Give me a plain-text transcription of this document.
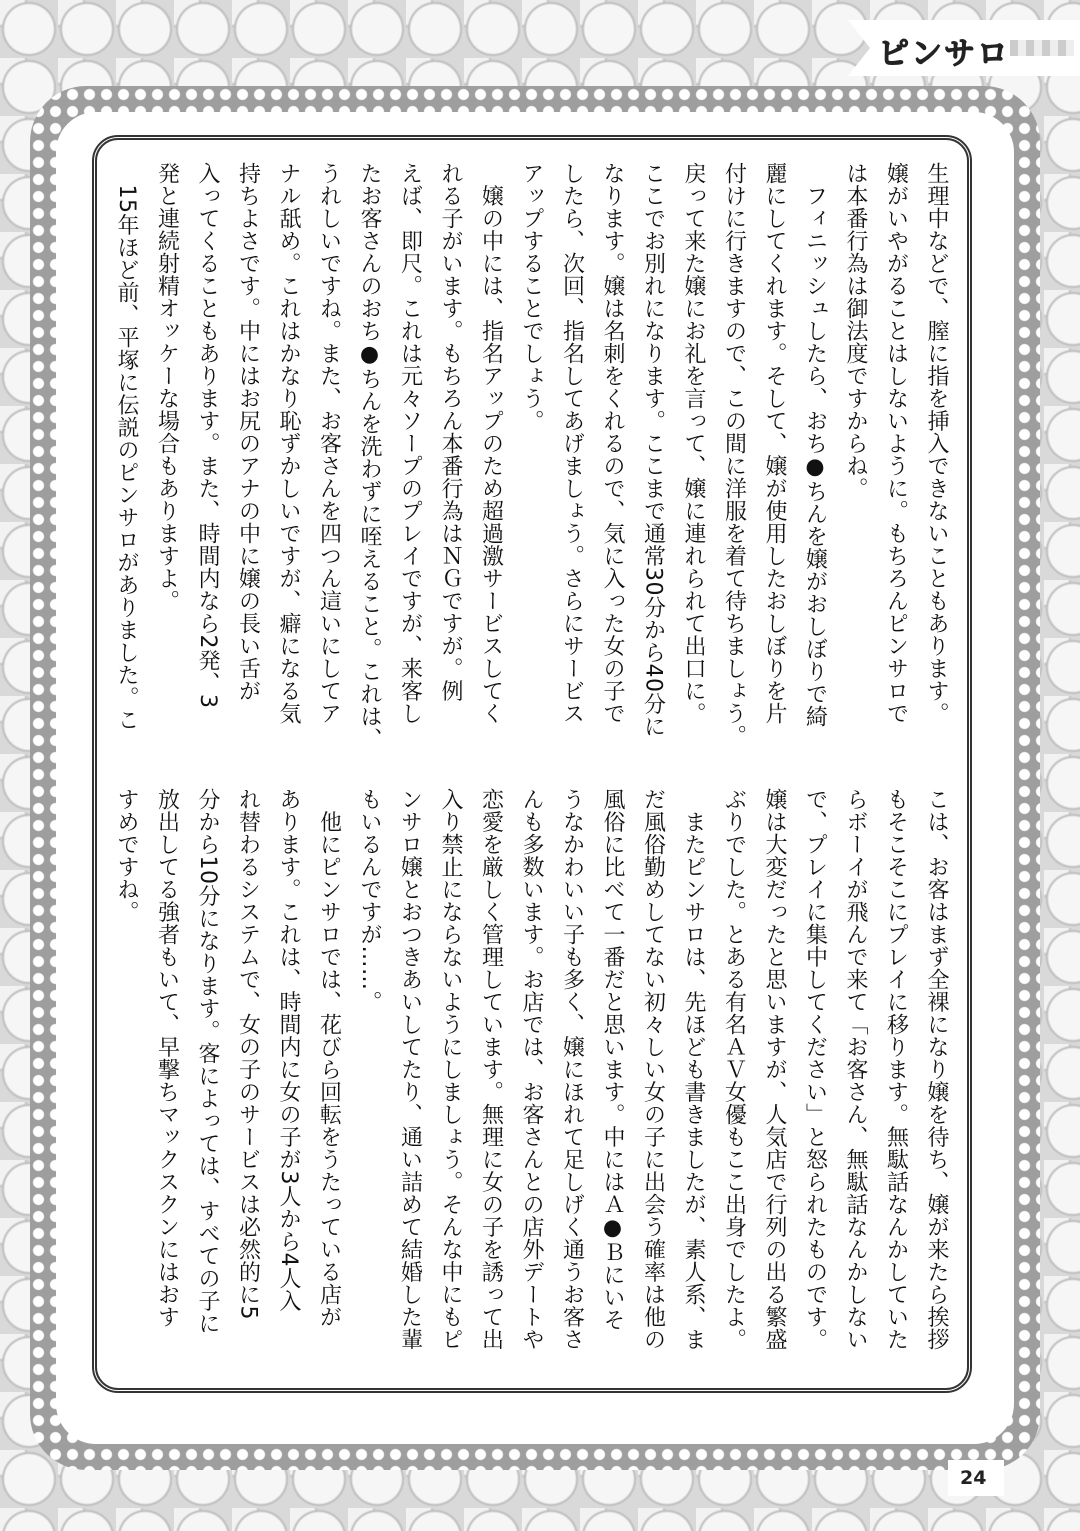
ピンサロ

生理中などで、膣に指を挿入できないこともあります。

嬢がいやがることはしないように。もちろんピンサロで

は本番行為は御法度ですからね。

　フィニッシュしたら、おち●ちんを嬢がおしぼりで綺

麗にしてくれます。そして、嬢が使用したおしぼりを片

付けに行きますので、この間に洋服を着て待ちましょう。

戻って来た嬢にお礼を言って、嬢に連れられて出口に。

ここでお別れになります。ここまで通常30分から40分に

なります。嬢は名刺をくれるので、気に入った女の子で

したら、次回、指名してあげましょう。さらにサービス

アップすることでしょう。

　嬢の中には、指名アップのため超過激サービスしてく

れる子がいます。もちろん本番行為はＮＧですが。例

えば、即尺。これは元々ソープのプレイですが、来客し

たお客さんのおち●ちんを洗わずに咥えること。これは、

うれしいですね。また、お客さんを四つん這いにしてア

ナル舐め。これはかなり恥ずかしいですが、癖になる気

持ちよさです。中にはお尻のアナの中に嬢の長い舌が

入ってくることもあります。また、時間内なら2発、3

発と連続射精オッケーな場合もありますよ。

　15年ほど前、平塚に伝説のピンサロがありました。こ

こは、お客はまず全裸になり嬢を待ち、嬢が来たら挨拶

もそこそこにプレイに移ります。無駄話なんかしていた

らボーイが飛んで来て「お客さん、無駄話なんかしない

で、プレイに集中してください」と怒られたものです。

嬢は大変だったと思いますが、人気店で行列の出る繁盛

ぶりでした。とある有名ＡＶ女優もここ出身でしたよ。

　またピンサロは、先ほども書きましたが、素人系、ま

だ風俗勤めしてない初々しい女の子に出会う確率は他の

風俗に比べて一番だと思います。中にはＡ●Ｂにいそ

うなかわいい子も多く、嬢にほれて足しげく通うお客さ

んも多数います。お店では、お客さんとの店外デートや

恋愛を厳しく管理しています。無理に女の子を誘って出

入り禁止にならないようにしましょう。そんな中にもピ

ンサロ嬢とおつきあいしてたり、通い詰めて結婚した輩

もいるんですが……。

　他にピンサロでは、花びら回転をうたっている店が

あります。これは、時間内に女の子が3人から4人入

れ替わるシステムで、女の子のサービスは必然的に5

分から10分になります。客によっては、すべての子に

放出してる強者もいて、早撃ちマックスクンにはおす

すめですね。

24
